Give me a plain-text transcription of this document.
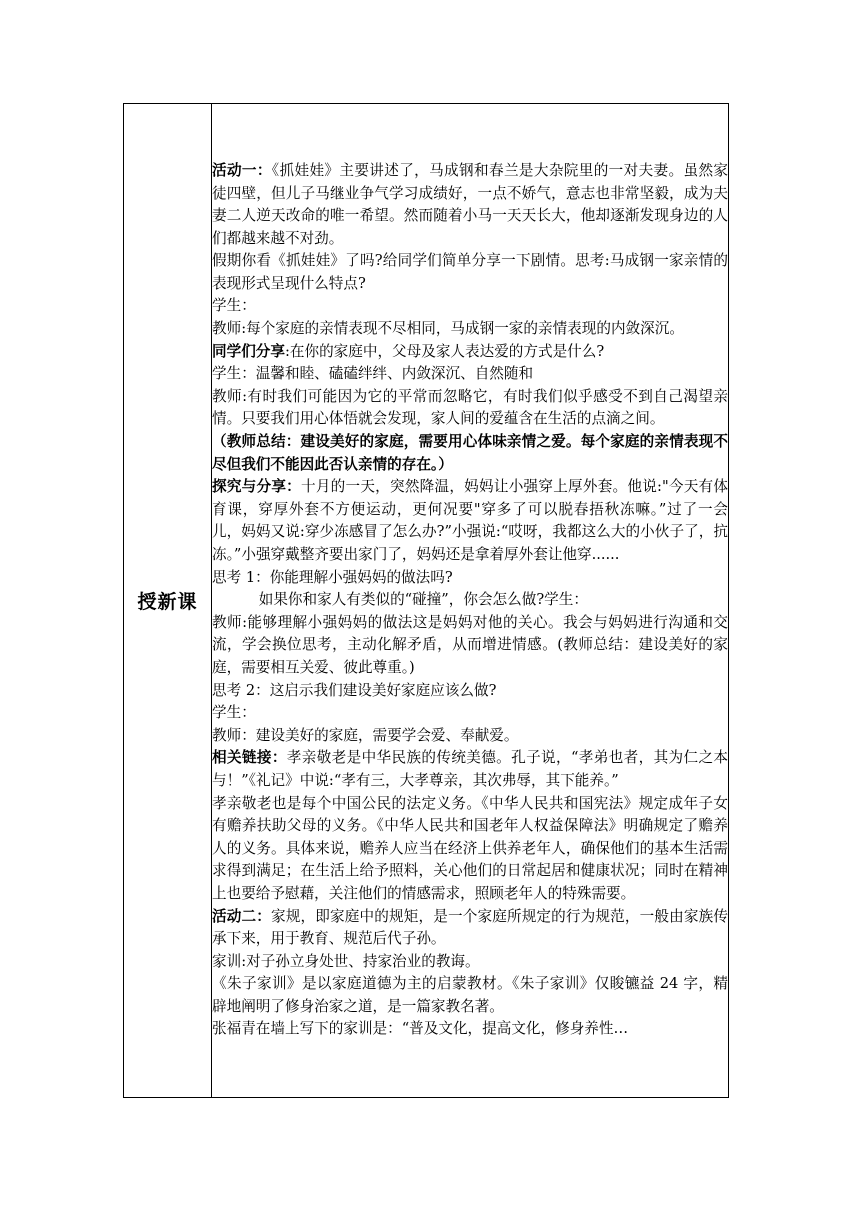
授新课	

活动一：《抓娃娃》主要讲述了，马成钢和春兰是大杂院里的一对夫妻。虽然家徒四壁，但儿子马继业争气学习成绩好，一点不娇气，意志也非常坚毅，成为夫妻二人逆天改命的唯一希望。然而随着小马一天天长大，他却逐渐发现身边的人们都越来越不对劲。

假期你看《抓娃娃》了吗?给同学们简单分享一下剧情。思考:马成钢一家亲情的表现形式呈现什么特点?

学生：

教师:每个家庭的亲情表现不尽相同，马成钢一家的亲情表现的内敛深沉。

同学们分享:在你的家庭中，父母及家人表达爱的方式是什么?

学生：温馨和睦、磕磕绊绊、内敛深沉、自然随和

教师:有时我们可能因为它的平常而忽略它，有时我们似乎感受不到自己渴望亲情。只要我们用心体悟就会发现，家人间的爱蕴含在生活的点滴之间。

（教师总结：建设美好的家庭，需要用心体味亲情之爱。每个家庭的亲情表现不尽但我们不能因此否认亲情的存在。）

探究与分享：十月的一天，突然降温，妈妈让小强穿上厚外套。他说:"今天有体育课，穿厚外套不方便运动，更何况要"穿多了可以脱春捂秋冻嘛。”过了一会儿，妈妈又说:穿少冻感冒了怎么办?”小强说:“哎呀，我都这么大的小伙子了，抗冻。”小强穿戴整齐要出家门了，妈妈还是拿着厚外套让他穿......

思考 1：你能理解小强妈妈的做法吗?

如果你和家人有类似的“碰撞”，你会怎么做?学生：

教师:能够理解小强妈妈的做法这是妈妈对他的关心。我会与妈妈进行沟通和交流，学会换位思考，主动化解矛盾，从而增进情感。(教师总结：建设美好的家庭，需要相互关爱、彼此尊重。)

思考 2：这启示我们建设美好家庭应该么做?

学生：

教师：建设美好的家庭，需要学会爱、奉献爱。

相关链接：孝亲敬老是中华民族的传统美德。孔子说，“孝弟也者，其为仁之本与！”《礼记》中说:“孝有三，大孝尊亲，其次弗辱，其下能养。”

孝亲敬老也是每个中国公民的法定义务。《中华人民共和国宪法》规定成年子女有赡养扶助父母的义务。《中华人民共和国老年人权益保障法》明确规定了赡养人的义务。具体来说，赡养人应当在经济上供养老年人，确保他们的基本生活需求得到满足；在生活上给予照料，关心他们的日常起居和健康状况；同时在精神上也要给予慰藉，关注他们的情感需求，照顾老年人的特殊需要。

活动二：家规，即家庭中的规矩，是一个家庭所规定的行为规范，一般由家族传承下来，用于教育、规范后代子孙。

家训:对子孙立身处世、持家治业的教诲。

《朱子家训》是以家庭道德为主的启蒙教材。《朱子家训》仅睃镳益 24 字，精辟地阐明了修身治家之道，是一篇家教名著。

张福青在墙上写下的家训是：“普及文化，提高文化，修身养性…
